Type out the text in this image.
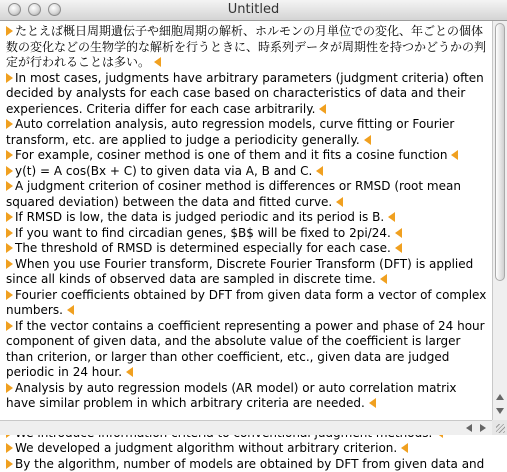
Untitled

たとえば概日周期遺伝子や細胞周期の解析、ホルモンの月単位での変化、年ごとの個体数の変化などの生物学的な解析を行うときに、時系列データが周期性を持つかどうかの判定が行われることは多い。

In most cases, judgments have arbitrary parameters (judgment criteria) often decided by analysts for each case based on characteristics of data and their experiences. Criteria differ for each case arbitrarily.

Auto correlation analysis, auto regression models, curve fitting or Fourier transform, etc. are applied to judge a periodicity generally.

For example, cosiner method is one of them and it fits a cosine function

y(t) = A cos(Bx + C) to given data via A, B and C.

A judgment criterion of cosiner method is differences or RMSD (root mean squared deviation) between the data and fitted curve.

If RMSD is low, the data is judged periodic and its period is B.

If you want to find circadian genes, $B$ will be fixed to 2pi/24.

The threshold of RMSD is determined especially for each case.

When you use Fourier transform, Discrete Fourier Transform (DFT) is applied since all kinds of observed data are sampled in discrete time.

Fourier coefficients obtained by DFT from given data form a vector of complex numbers.

If the vector contains a coefficient representing a power and phase of 24 hour component of given data, and the absolute value of the coefficient is larger than criterion, or larger than other coefficient, etc., given data are judged periodic in 24 hour.

Analysis by auto regression models (AR model) or auto correlation matrix have similar problem in which arbitrary criteria are needed.

We developed a judgment algorithm without arbitrary criterion.

By the algorithm, number of models are obtained by DFT from given data and
